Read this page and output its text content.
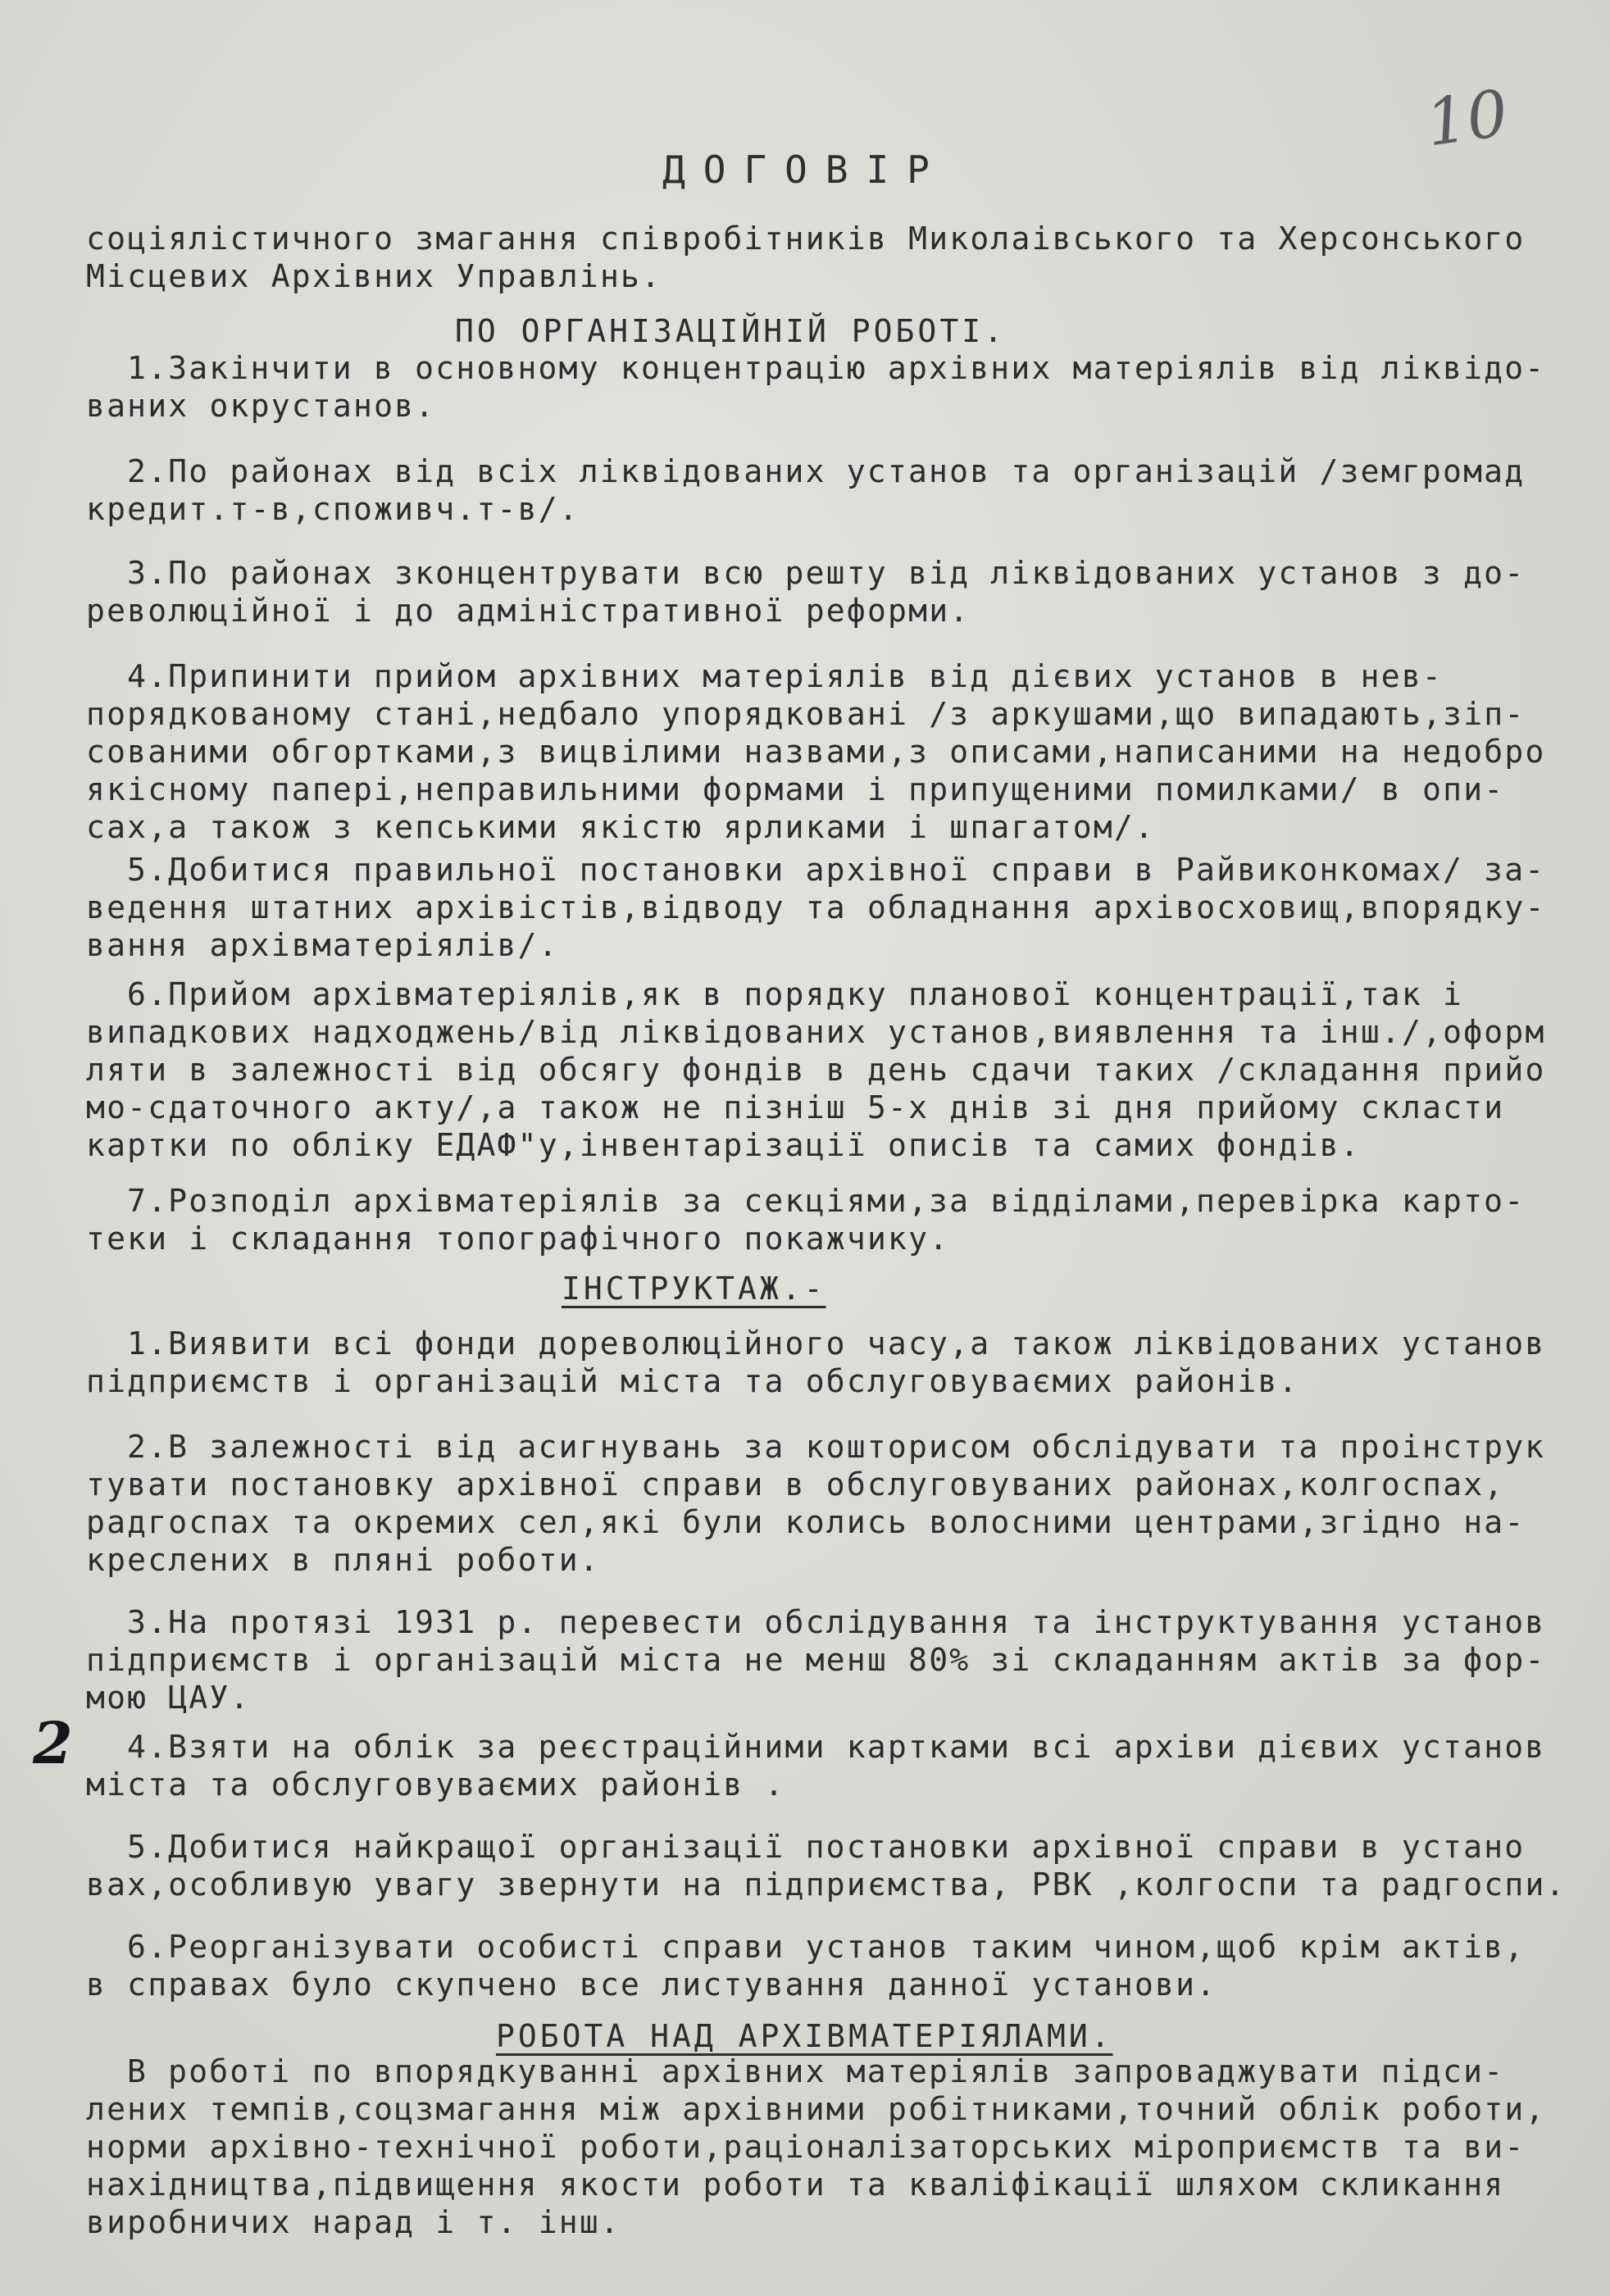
10
2
ДОГОВІР
соціялістичного змагання співробітників Миколаівського та Херсонського
Місцевих Архівних Управлінь.
ПО ОРГАНІЗАЦІЙНІЙ РОБОТІ.
1.Закінчити в основному концентрацію архівних матеріялів від ліквідо-
ваних окрустанов.
2.По районах від всіх ліквідованих установ та організацій /земгромад
кредит.т-в,споживч.т-в/.
3.По районах зконцентрувати всю решту від ліквідованих установ з до-
революційної і до адміністративної реформи.
4.Припинити прийом архівних матеріялів від дієвих установ в нев-
порядкованому стані,недбало упорядковані /з аркушами,що випадають,зіп-
сованими обгортками,з вицвілими назвами,з описами,написаними на недобро
якісному папері,неправильними формами і припущеними помилками/ в опи-
сах,а також з кепськими якістю ярликами і шпагатом/.
5.Добитися правильної постановки архівної справи в Райвиконкомах/ за-
ведення штатних архівістів,відводу та обладнання архівосховищ,впорядку-
вання архівматеріялів/.
6.Прийом архівматеріялів,як в порядку планової концентрації,так і
випадкових надходжень/від ліквідованих установ,виявлення та інш./,оформ
ляти в залежності від обсягу фондів в день сдачи таких /складання прийо
мо-сдаточного акту/,а також не пізніш 5-х днів зі дня прийому скласти
картки по обліку ЕДАФ"у,інвентарізації описів та самих фондів.
7.Розподіл архівматеріялів за секціями,за відділами,перевірка карто-
теки і складання топографічного покажчику.
ІНСТРУКТАЖ.-
1.Виявити всі фонди дореволюційного часу,а також ліквідованих установ
підприємств і організацій міста та обслуговуваємих районів.
2.В залежності від асигнувань за кошторисом обслідувати та проінструк
тувати постановку архівної справи в обслуговуваних районах,колгоспах,
радгоспах та окремих сел,які були колись волосними центрами,згідно на-
креслених в пляні роботи.
3.На протязі 1931 р. перевести обслідування та інструктування установ
підприємств і організацій міста не менш 80% зі складанням актів за фор-
мою ЦАУ.
4.Взяти на облік за реєстраційними картками всі архіви дієвих установ
міста та обслуговуваємих районів .
5.Добитися найкращої організації постановки архівної справи в устано
вах,особливую увагу звернути на підприємства, РВК ,колгоспи та радгоспи.
6.Реорганізувати особисті справи установ таким чином,щоб крім актів,
в справах було скупчено все листування данної установи.
РОБОТА НАД АРХІВМАТЕРІЯЛАМИ.
В роботі по впорядкуванні архівних матеріялів запроваджувати підси-
лених темпів,соцзмагання між архівними робітниками,точний облік роботи,
норми архівно-технічної роботи,раціоналізаторських міроприємств та ви-
нахідництва,підвищення якости роботи та кваліфікації шляхом скликання
виробничих нарад і т. інш.
